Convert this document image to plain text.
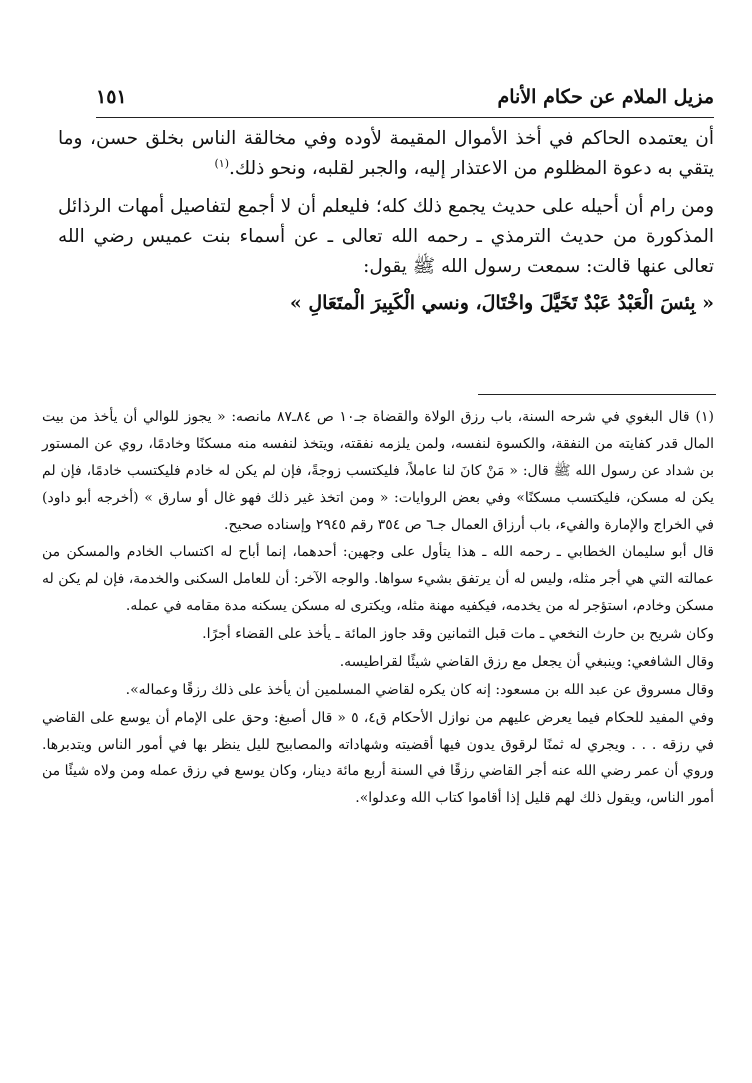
مزيل الملام عن حكام الأنام
١٥١

أن يعتمده الحاكم في أخذ الأموال المقيمة لأوده وفي مخالقة الناس بخلق حسن، وما يتقي به دعوة المظلوم من الاعتذار إليه، والجبر لقلبه، ونحو ذلك.$^{(١)}$

ومن رام أن أحيله على حديث يجمع ذلك كله؛ فليعلم أن لا أجمع لتفاصيل أمهات الرذائل المذكورة من حديث الترمذي ـ رحمه الله تعالى ـ عن أسماء بنت عميس رضي الله تعالى عنها قالت: سمعت رسول الله ﷺ يقول:

« بِئسَ الْعَبْدُ عَبْدٌ تَخَيَّلَ واخْتَالَ، ونسي الْكَبِيرَ الْمتَعَالِ »

(١)قال البغوي في شرحه السنة، باب رزق الولاة والقضاة جـ١٠ ص ٨٤ـ٨٧ مانصه: « يجوز للوالي أن يأخذ من بيت المال قدر كفايته من النفقة، والكسوة لنفسه، ولمن يلزمه نفقته، ويتخذ لنفسه منه مسكنًا وخادمًا، روي عن المستور بن شداد عن رسول الله ﷺ قال: « مَنْ كانَ لنا عاملاً، فليكتسب زوجةً، فإن لم يكن له خادم فليكتسب خادمًا، فإن لم يكن له مسكن، فليكتسب مسكنًا» وفي بعض الروايات: « ومن اتخذ غير ذلك فهو غال أو سارق » (أخرجه أبو داود) في الخراج والإمارة والفيء، باب أرزاق العمال جـ٦ ص ٣٥٤ رقم ٢٩٤٥ وإسناده صحيح.

قال أبو سليمان الخطابي ـ رحمه الله ـ هذا يتأول على وجهين: أحدهما، إنما أباح له اكتساب الخادم والمسكن من عمالته التي هي أجر مثله، وليس له أن يرتفق بشيء سواها. والوجه الآخر: أن للعامل السكنى والخدمة، فإن لم يكن له مسكن وخادم، استؤجر له من يخدمه، فيكفيه مهنة مثله، ويكترى له مسكن يسكنه مدة مقامه في عمله.

وكان شريح بن حارث النخعي ـ مات قبل الثمانين وقد جاوز المائة ـ يأخذ على القضاء أجرًا.

وقال الشافعي: وينبغي أن يجعل مع رزق القاضي شيئًا لقراطيسه.

وقال مسروق عن عبد الله بن مسعود: إنه كان يكره لقاضي المسلمين أن يأخذ على ذلك رزقًا وعماله».

وفي المفيد للحكام فيما يعرض عليهم من نوازل الأحكام ق٤، ٥ « قال أصبغ: وحق على الإمام أن يوسع على القاضي في رزقه . . . ويجري له ثمنًا لرقوق يدون فيها أقضيته وشهاداته والمصابيح لليل ينظر بها في أمور الناس ويتدبرها. وروي أن عمر رضي الله عنه أجر القاضي رزقًا في السنة أربع مائة دينار، وكان يوسع في رزق عمله ومن ولاه شيئًا من أمور الناس، ويقول ذلك لهم قليل إذا أقاموا كتاب الله وعدلوا».
